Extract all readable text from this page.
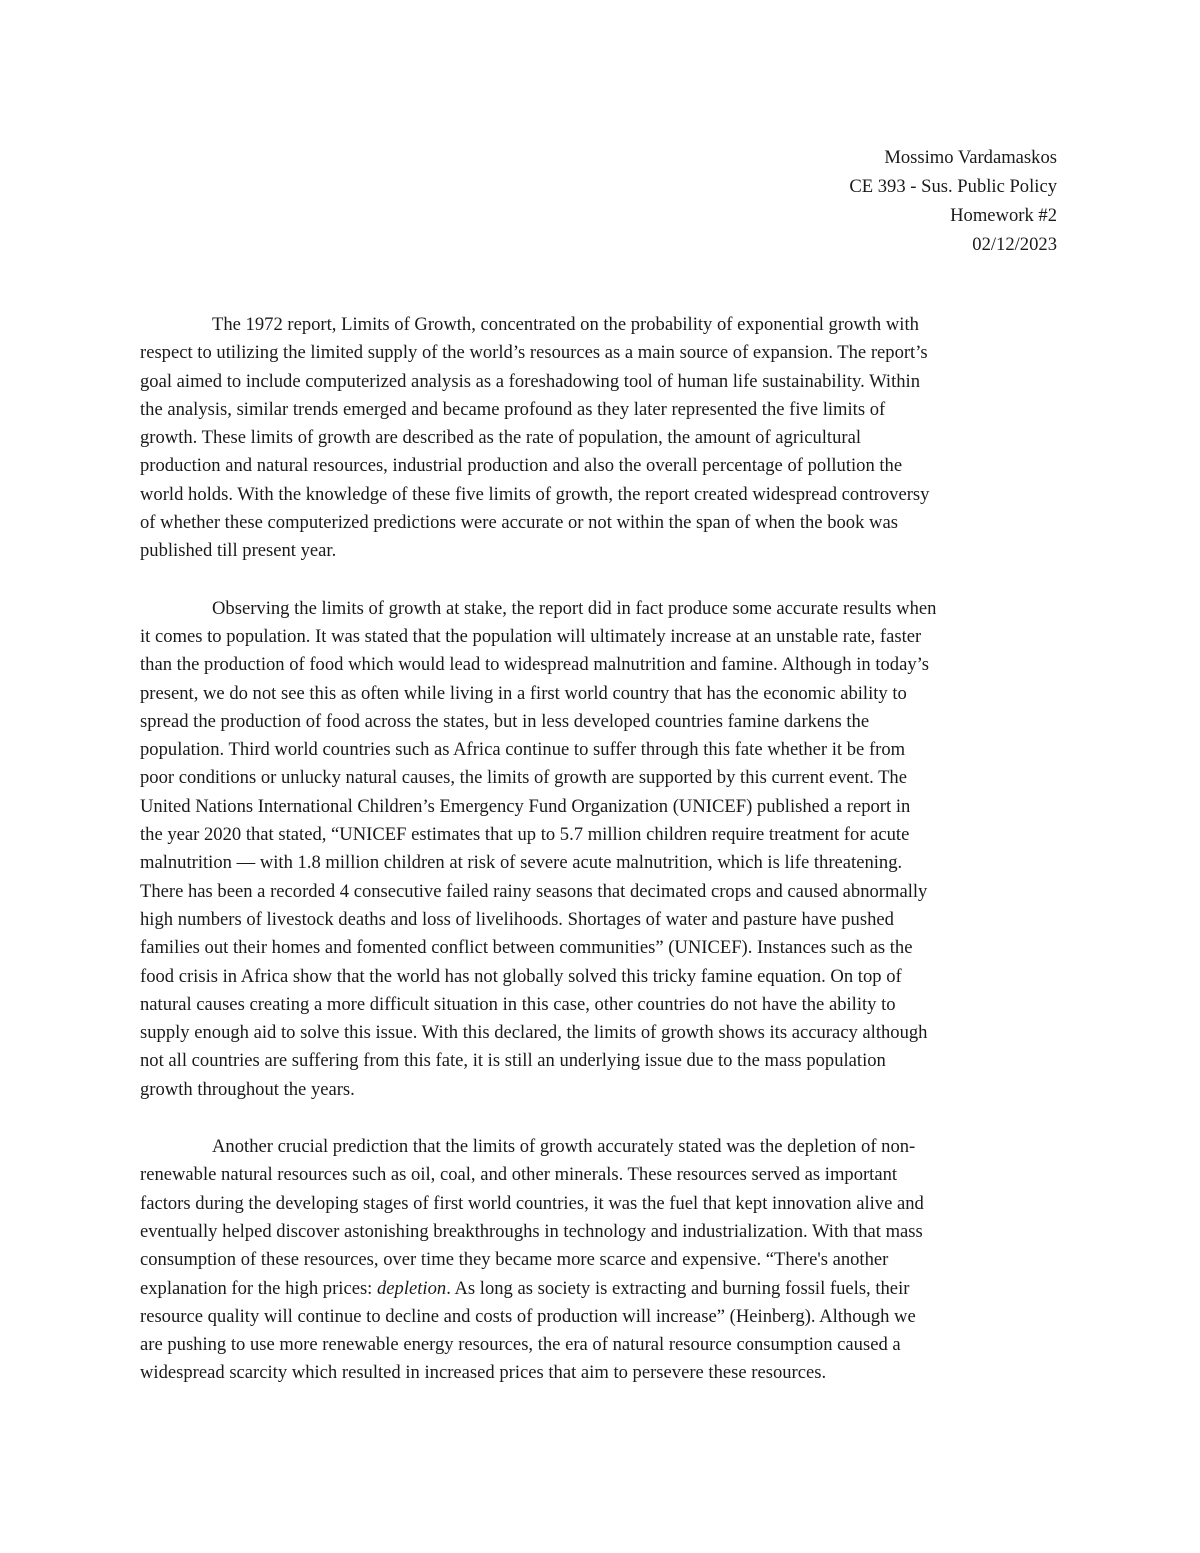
Mossimo Vardamaskos
CE 393 - Sus. Public Policy
Homework #2
02/12/2023

The 1972 report, Limits of Growth, concentrated on the probability of exponential growth with
respect to utilizing the limited supply of the world’s resources as a main source of expansion. The report’s
goal aimed to include computerized analysis as a foreshadowing tool of human life sustainability. Within
the analysis, similar trends emerged and became profound as they later represented the five limits of
growth. These limits of growth are described as the rate of population, the amount of agricultural
production and natural resources, industrial production and also the overall percentage of pollution the
world holds. With the knowledge of these five limits of growth, the report created widespread controversy
of whether these computerized predictions were accurate or not within the span of when the book was
published till present year.

Observing the limits of growth at stake, the report did in fact produce some accurate results when
it comes to population. It was stated that the population will ultimately increase at an unstable rate, faster
than the production of food which would lead to widespread malnutrition and famine. Although in today’s
present, we do not see this as often while living in a first world country that has the economic ability to
spread the production of food across the states, but in less developed countries famine darkens the
population. Third world countries such as Africa continue to suffer through this fate whether it be from
poor conditions or unlucky natural causes, the limits of growth are supported by this current event. The
United Nations International Children’s Emergency Fund Organization (UNICEF) published a report in
the year 2020 that stated, “UNICEF estimates that up to 5.7 million children require treatment for acute
malnutrition — with 1.8 million children at risk of severe acute malnutrition, which is life threatening.
There has been a recorded 4 consecutive failed rainy seasons that decimated crops and caused abnormally
high numbers of livestock deaths and loss of livelihoods. Shortages of water and pasture have pushed
families out their homes and fomented conflict between communities” (UNICEF). Instances such as the
food crisis in Africa show that the world has not globally solved this tricky famine equation. On top of
natural causes creating a more difficult situation in this case, other countries do not have the ability to
supply enough aid to solve this issue. With this declared, the limits of growth shows its accuracy although
not all countries are suffering from this fate, it is still an underlying issue due to the mass population
growth throughout the years.

Another crucial prediction that the limits of growth accurately stated was the depletion of non-
renewable natural resources such as oil, coal, and other minerals. These resources served as important
factors during the developing stages of first world countries, it was the fuel that kept innovation alive and
eventually helped discover astonishing breakthroughs in technology and industrialization. With that mass
consumption of these resources, over time they became more scarce and expensive. “There's another
explanation for the high prices: depletion. As long as society is extracting and burning fossil fuels, their
resource quality will continue to decline and costs of production will increase” (Heinberg). Although we
are pushing to use more renewable energy resources, the era of natural resource consumption caused a
widespread scarcity which resulted in increased prices that aim to persevere these resources.
